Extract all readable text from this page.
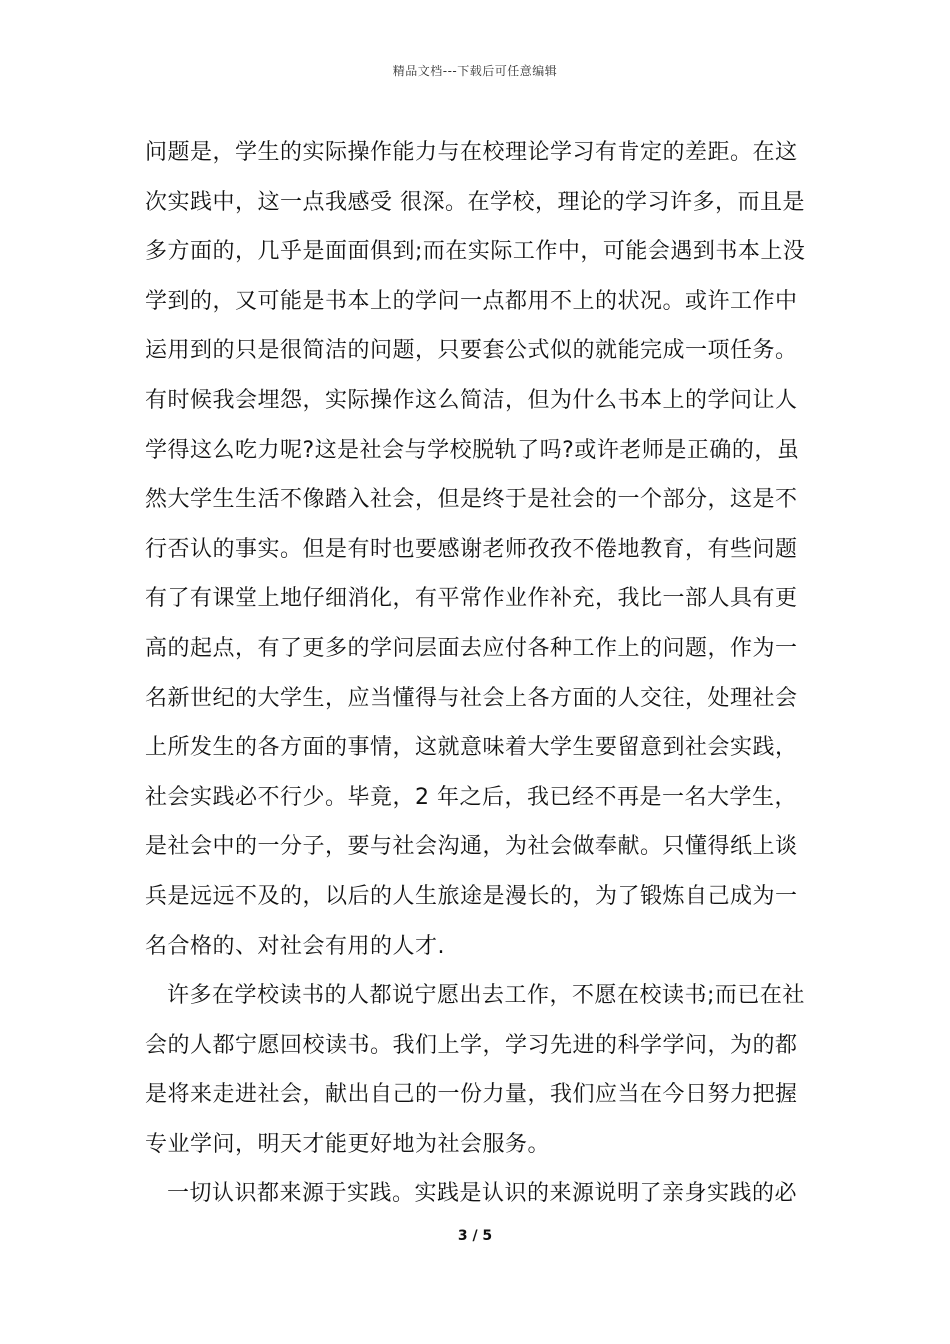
精品文档---下载后可任意编辑

问题是，学生的实际操作能力与在校理论学习有肯定的差距。在这
次实践中，这一点我感受 很深。在学校，理论的学习许多，而且是
多方面的，几乎是面面俱到;而在实际工作中，可能会遇到书本上没
学到的，又可能是书本上的学问一点都用不上的状况。或许工作中
运用到的只是很简洁的问题，只要套公式似的就能完成一项任务。
有时候我会埋怨，实际操作这么简洁，但为什么书本上的学问让人
学得这么吃力呢?这是社会与学校脱轨了吗?或许老师是正确的，虽
然大学生生活不像踏入社会，但是终于是社会的一个部分，这是不
行否认的事实。但是有时也要感谢老师孜孜不倦地教育，有些问题
有了有课堂上地仔细消化，有平常作业作补充，我比一部人具有更
高的起点，有了更多的学问层面去应付各种工作上的问题，作为一
名新世纪的大学生，应当懂得与社会上各方面的人交往，处理社会
上所发生的各方面的事情，这就意味着大学生要留意到社会实践，
社会实践必不行少。毕竟，2 年之后，我已经不再是一名大学生，
是社会中的一分子，要与社会沟通，为社会做奉献。只懂得纸上谈
兵是远远不及的，以后的人生旅途是漫长的，为了锻炼自己成为一
名合格的、对社会有用的人才.

许多在学校读书的人都说宁愿出去工作，不愿在校读书;而已在社
会的人都宁愿回校读书。我们上学，学习先进的科学学问，为的都
是将来走进社会，献出自己的一份力量，我们应当在今日努力把握
专业学问，明天才能更好地为社会服务。

一切认识都来源于实践。实践是认识的来源说明了亲身实践的必

3 / 5
